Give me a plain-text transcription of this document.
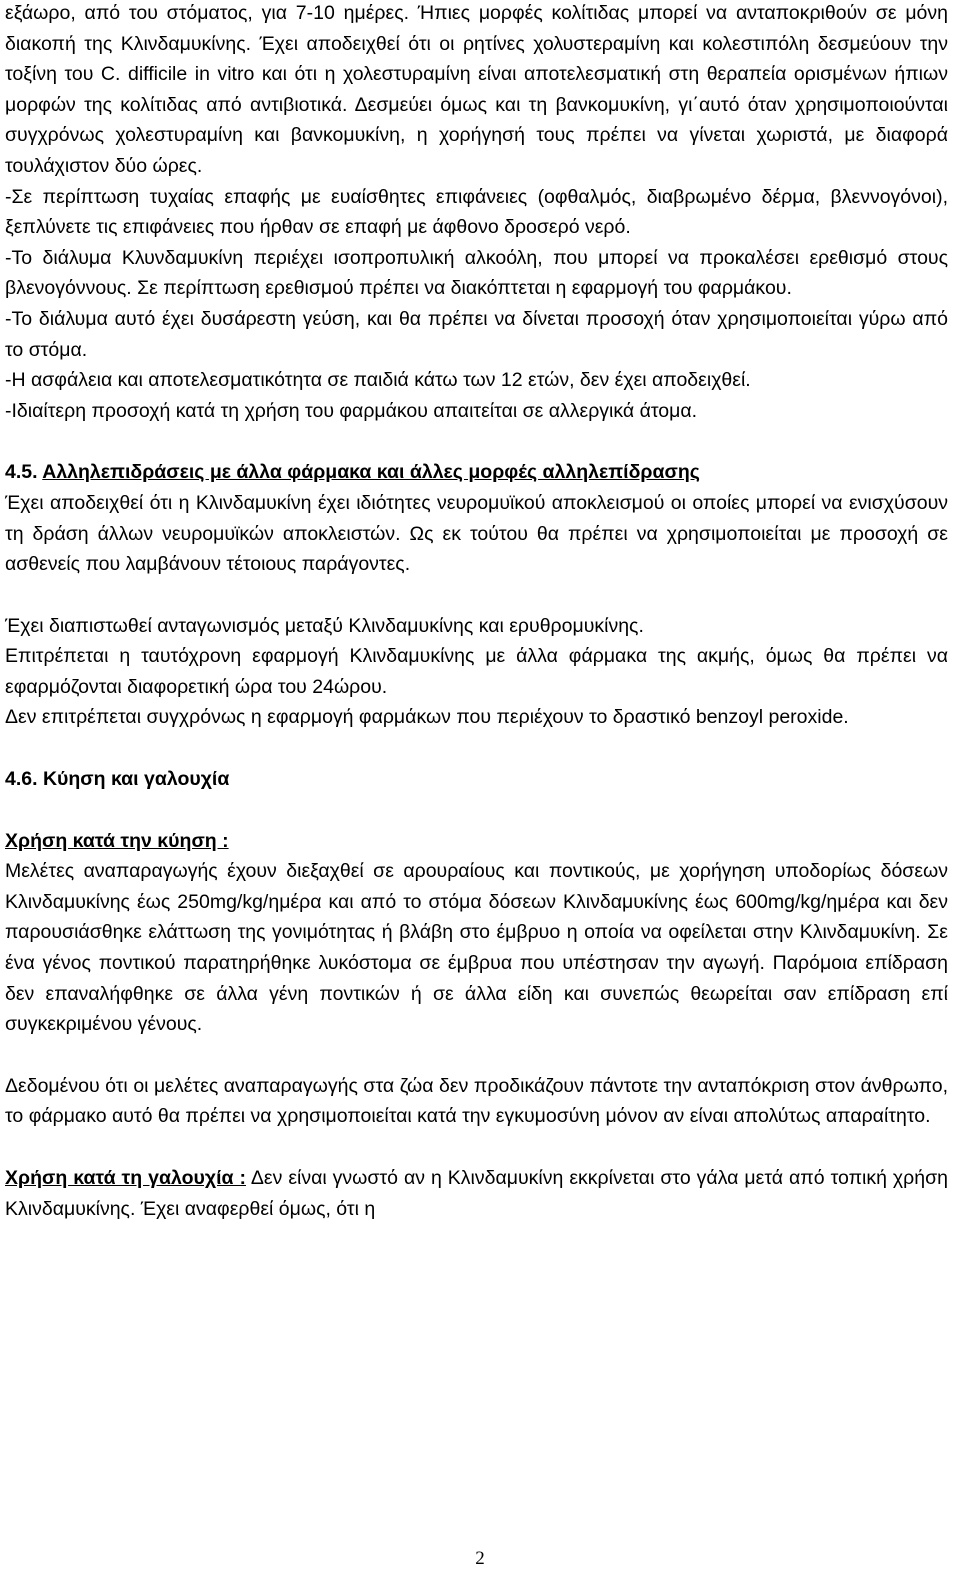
εξάωρο, από του στόματος, για 7-10 ημέρες. Ήπιες μορφές κολίτιδας μπορεί να ανταποκριθούν σε μόνη διακοπή της Κλινδαμυκίνης. Έχει αποδειχθεί ότι οι ρητίνες χολυστεραμίνη και κολεστιπόλη δεσμεύουν την τοξίνη του C. difficile in vitro και ότι η χολεστυραμίνη είναι αποτελεσματική στη θεραπεία ορισμένων ήπιων μορφών της κολίτιδας από αντιβιοτικά. Δεσμεύει όμως και τη βανκομυκίνη, γι΄αυτό όταν χρησιμοποιούνται συγχρόνως χολεστυραμίνη και βανκομυκίνη, η χορήγησή τους πρέπει να γίνεται χωριστά, με διαφορά τουλάχιστον δύο ώρες.

-Σε περίπτωση τυχαίας επαφής με ευαίσθητες επιφάνειες (οφθαλμός, διαβρωμένο δέρμα, βλεννογόνοι), ξεπλύνετε τις επιφάνειες που ήρθαν σε επαφή με άφθονο δροσερό νερό.

-Το διάλυμα Κλυνδαμυκίνη περιέχει ισοπροπυλική αλκοόλη, που μπορεί να προκαλέσει ερεθισμό στους βλενογόννους. Σε περίπτωση ερεθισμού πρέπει να διακόπτεται η εφαρμογή του φαρμάκου.

-Το διάλυμα αυτό έχει δυσάρεστη γεύση, και θα πρέπει να δίνεται προσοχή όταν χρησιμοποιείται γύρω από το στόμα.

-Η ασφάλεια και αποτελεσματικότητα σε παιδιά κάτω των 12 ετών, δεν έχει αποδειχθεί.

-Ιδιαίτερη προσοχή κατά τη χρήση του φαρμάκου απαιτείται σε αλλεργικά άτομα.

4.5. Αλληλεπιδράσεις με άλλα φάρμακα και άλλες μορφές αλληλεπίδρασης

Έχει αποδειχθεί ότι η Κλινδαμυκίνη έχει ιδιότητες νευρομυϊκού αποκλεισμού οι οποίες μπορεί να ενισχύσουν τη δράση άλλων νευρομυϊκών αποκλειστών. Ως εκ τούτου θα πρέπει να χρησιμοποιείται με προσοχή σε ασθενείς που λαμβάνουν τέτοιους παράγοντες.

Έχει διαπιστωθεί ανταγωνισμός μεταξύ Κλινδαμυκίνης και ερυθρομυκίνης.

Επιτρέπεται η ταυτόχρονη εφαρμογή Κλινδαμυκίνης με άλλα φάρμακα της ακμής, όμως θα πρέπει να εφαρμόζονται διαφορετική ώρα του 24ώρου.

Δεν επιτρέπεται συγχρόνως η εφαρμογή φαρμάκων που περιέχουν το δραστικό benzoyl peroxide.

4.6. Κύηση και γαλουχία

Χρήση κατά την κύηση :

Μελέτες αναπαραγωγής έχουν διεξαχθεί σε αρουραίους και ποντικούς, με χορήγηση υποδορίως δόσεων Κλινδαμυκίνης έως 250mg/kg/ημέρα και από το στόμα δόσεων Κλινδαμυκίνης έως 600mg/kg/ημέρα και δεν παρουσιάσθηκε ελάττωση της γονιμότητας ή βλάβη στο έμβρυο η οποία να οφείλεται στην Κλινδαμυκίνη. Σε ένα γένος ποντικού παρατηρήθηκε λυκόστομα σε έμβρυα που υπέστησαν την αγωγή. Παρόμοια επίδραση δεν επαναλήφθηκε σε άλλα γένη ποντικών ή σε άλλα είδη και συνεπώς θεωρείται σαν επίδραση επί συγκεκριμένου γένους.

Δεδομένου ότι οι μελέτες αναπαραγωγής στα ζώα δεν προδικάζουν πάντοτε την ανταπόκριση στον άνθρωπο, το φάρμακο αυτό θα πρέπει να χρησιμοποιείται κατά την εγκυμοσύνη μόνον αν είναι απολύτως απαραίτητο.

Χρήση κατά τη γαλουχία : Δεν είναι γνωστό αν η Κλινδαμυκίνη εκκρίνεται στο γάλα μετά από τοπική χρήση Κλινδαμυκίνης. Έχει αναφερθεί όμως, ότι η

2
